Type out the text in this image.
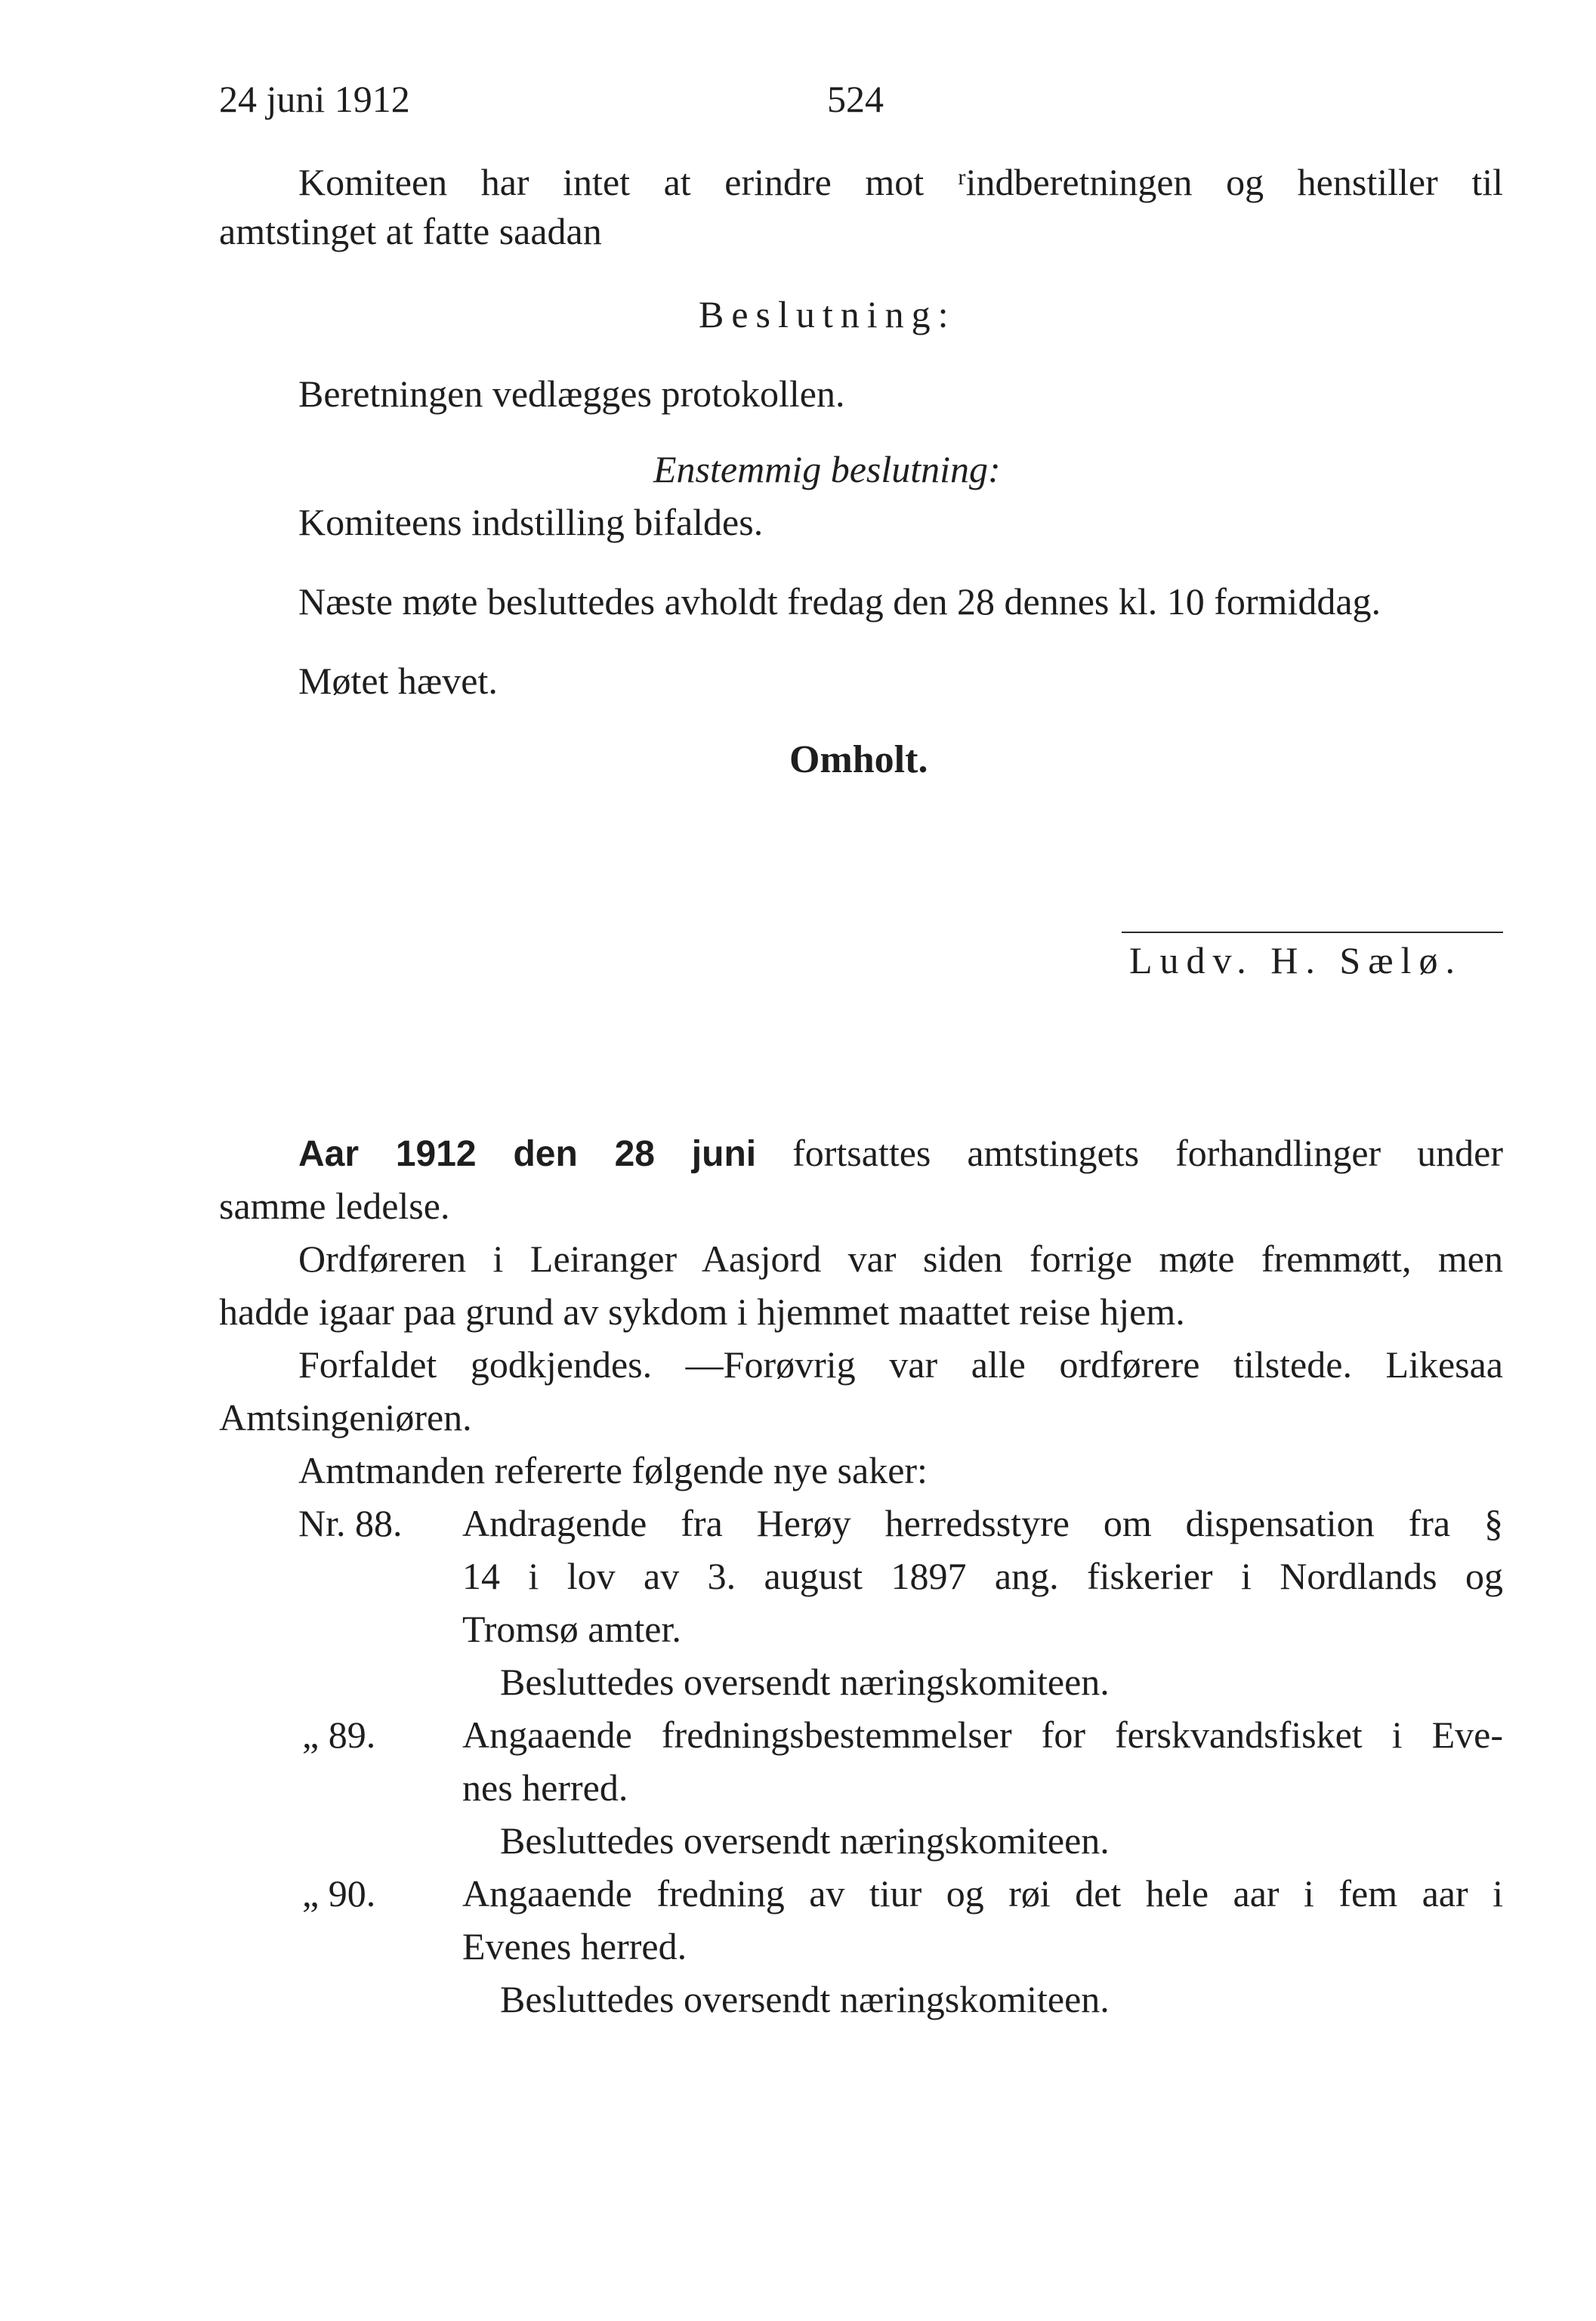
24 juni 1912	524
Komiteen har intet at erindre mot ʳindberetningen og henstiller til
amtstinget at fatte saadan
Beslutning:
Beretningen vedlægges protokollen.
Enstemmig beslutning:
Komiteens indstilling bifaldes.
Næste møte besluttedes avholdt fredag den 28 dennes kl. 10 formiddag.
Møtet hævet.
Omholt.
Ludv. H. Sælø.
Aar 1912 den 28 juni fortsattes amtstingets forhandlinger under
samme ledelse.
Ordføreren i Leiranger Aasjord var siden forrige møte fremmøtt, men
hadde igaar paa grund av sykdom i hjemmet maattet reise hjem.
Forfaldet godkjendes. —Forøvrig var alle ordførere tilstede. Likesaa
Amtsingeniøren.
Amtmanden refererte følgende nye saker:
Nr. 88. Andragende fra Herøy herredsstyre om dispensation fra §
14 i lov av 3. august 1897 ang. fiskerier i Nordlands og
Tromsø amter.
Besluttedes oversendt næringskomiteen.
„ 89. Angaaende fredningsbestemmelser for ferskvandsfisket i Eve-
nes herred.
Besluttedes oversendt næringskomiteen.
„ 90. Angaaende fredning av tiur og røi det hele aar i fem aar i
Evenes herred.
Besluttedes oversendt næringskomiteen.
